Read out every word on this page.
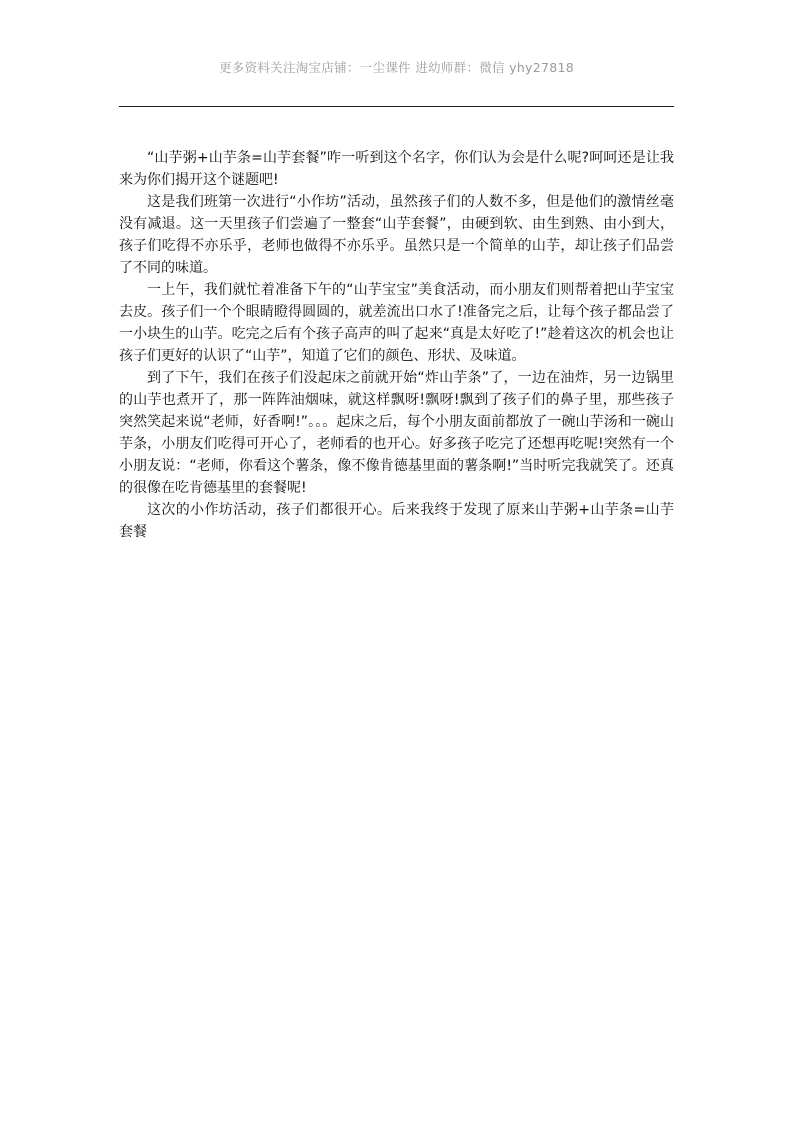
更多资料关注淘宝店铺：一尘课件 进幼师群：微信 yhy27818

“山芋粥+山芋条=山芋套餐”咋一听到这个名字，你们认为会是什么呢?呵呵还是让我来为你们揭开这个谜题吧!

这是我们班第一次进行“小作坊”活动，虽然孩子们的人数不多，但是他们的激情丝毫没有减退。这一天里孩子们尝遍了一整套“山芋套餐”，由硬到软、由生到熟、由小到大，孩子们吃得不亦乐乎，老师也做得不亦乐乎。虽然只是一个简单的山芋，却让孩子们品尝了不同的味道。

一上午，我们就忙着准备下午的“山芋宝宝”美食活动，而小朋友们则帮着把山芋宝宝去皮。孩子们一个个眼睛瞪得圆圆的，就差流出口水了!准备完之后，让每个孩子都品尝了一小块生的山芋。吃完之后有个孩子高声的叫了起来“真是太好吃了!”趁着这次的机会也让孩子们更好的认识了“山芋”，知道了它们的颜色、形状、及味道。

到了下午，我们在孩子们没起床之前就开始“炸山芋条”了，一边在油炸，另一边锅里的山芋也煮开了，那一阵阵油烟味，就这样飘呀!飘呀!飘到了孩子们的鼻子里，那些孩子突然笑起来说“老师，好香啊!”。。。起床之后，每个小朋友面前都放了一碗山芋汤和一碗山芋条，小朋友们吃得可开心了，老师看的也开心。好多孩子吃完了还想再吃呢!突然有一个小朋友说：“老师，你看这个薯条，像不像肯德基里面的薯条啊!”当时听完我就笑了。还真的很像在吃肯德基里的套餐呢!

这次的小作坊活动，孩子们都很开心。后来我终于发现了原来山芋粥+山芋条=山芋套餐
